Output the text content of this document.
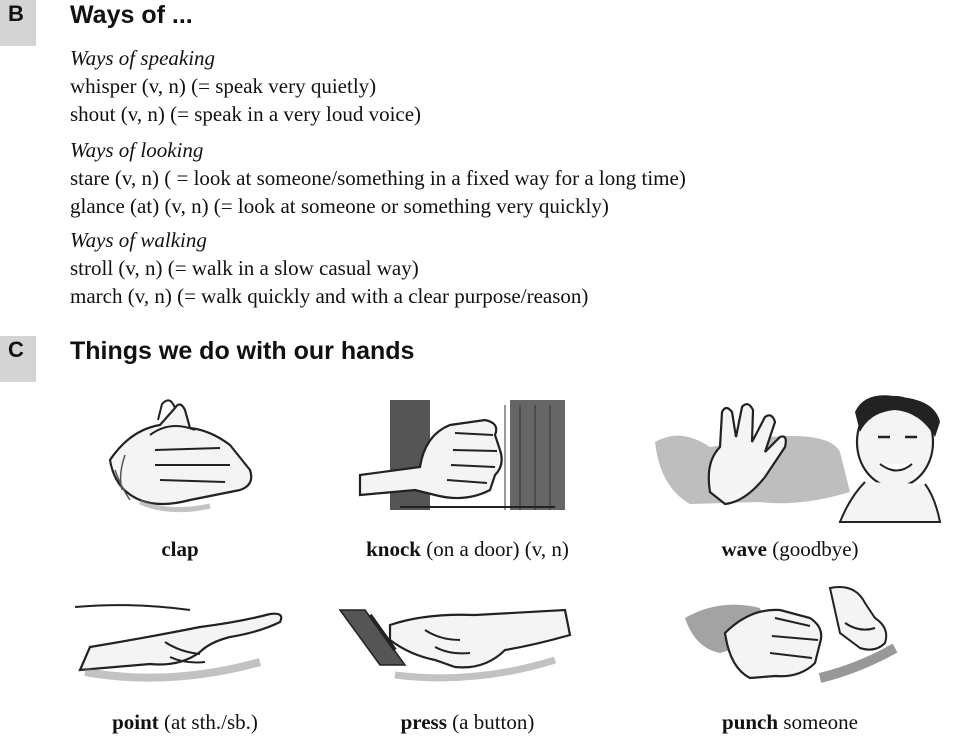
B	Ways of ...
Ways of speaking
whisper (v, n) (= speak very quietly)
shout (v, n) (= speak in a very loud voice)
Ways of looking
stare (v, n) ( = look at someone/something in a fixed way for a long time)
glance (at) (v, n) (= look at someone or something very quickly)
Ways of walking
stroll (v, n) (= walk in a slow casual way)
march (v, n) (= walk quickly and with a clear purpose/reason)
C	Things we do with our hands
clap	knock (on a door) (v, n)	wave (goodbye)
point (at sth./sb.)	press (a button)	punch someone
